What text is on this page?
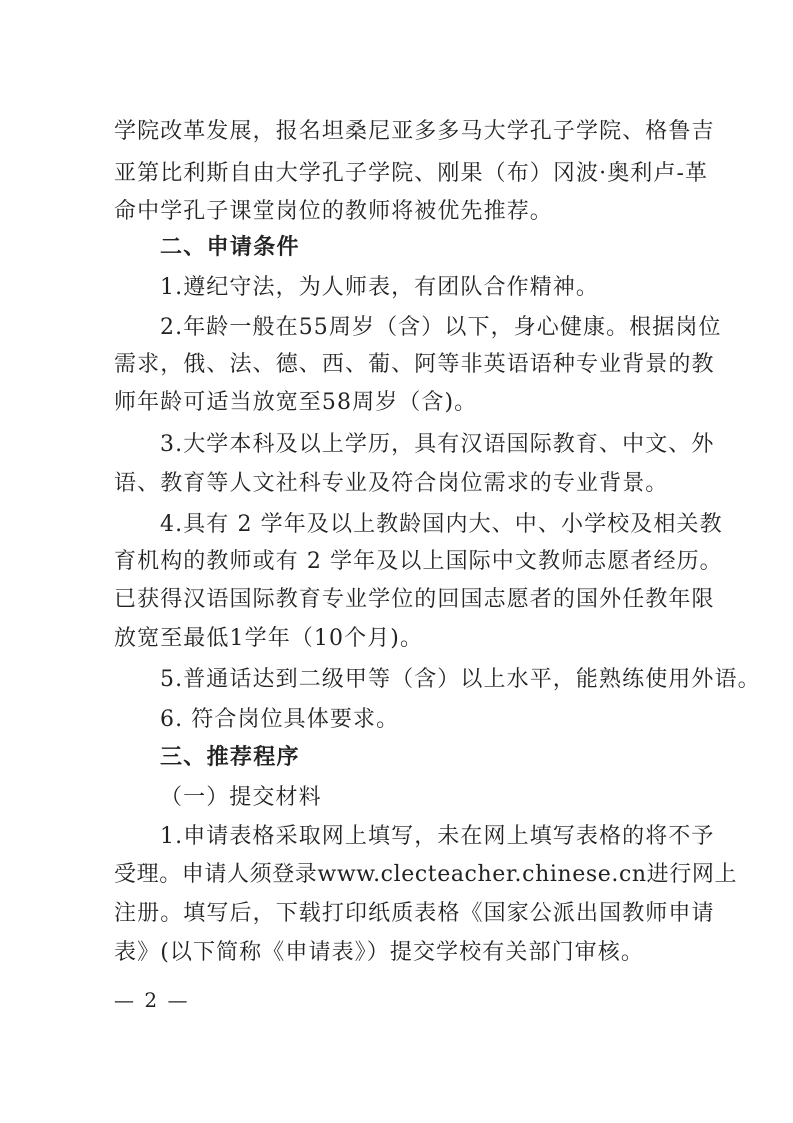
学院改革发展，报名坦桑尼亚多多马大学孔子学院、格鲁吉

亚第比利斯自由大学孔子学院、刚果（布）冈波·奥利卢-革

命中学孔子课堂岗位的教师将被优先推荐。

二、申请条件

1.遵纪守法，为人师表，有团队合作精神。

2.年龄一般在55周岁（含）以下，身心健康。根据岗位

需求，俄、法、德、西、葡、阿等非英语语种专业背景的教

师年龄可适当放宽至58周岁（含)。

3.大学本科及以上学历，具有汉语国际教育、中文、外

语、教育等人文社科专业及符合岗位需求的专业背景。

4.具有 2 学年及以上教龄国内大、中、小学校及相关教

育机构的教师或有 2 学年及以上国际中文教师志愿者经历。

已获得汉语国际教育专业学位的回国志愿者的国外任教年限

放宽至最低1学年（10个月)。

5.普通话达到二级甲等（含）以上水平，能熟练使用外语。

6. 符合岗位具体要求。

三、推荐程序

（一）提交材料

1.申请表格采取网上填写，未在网上填写表格的将不予

受理。申请人须登录www.clecteacher.chinese.cn进行网上

注册。填写后，下载打印纸质表格《国家公派出国教师申请

表》(以下简称《申请表》）提交学校有关部门审核。

— 2 —
